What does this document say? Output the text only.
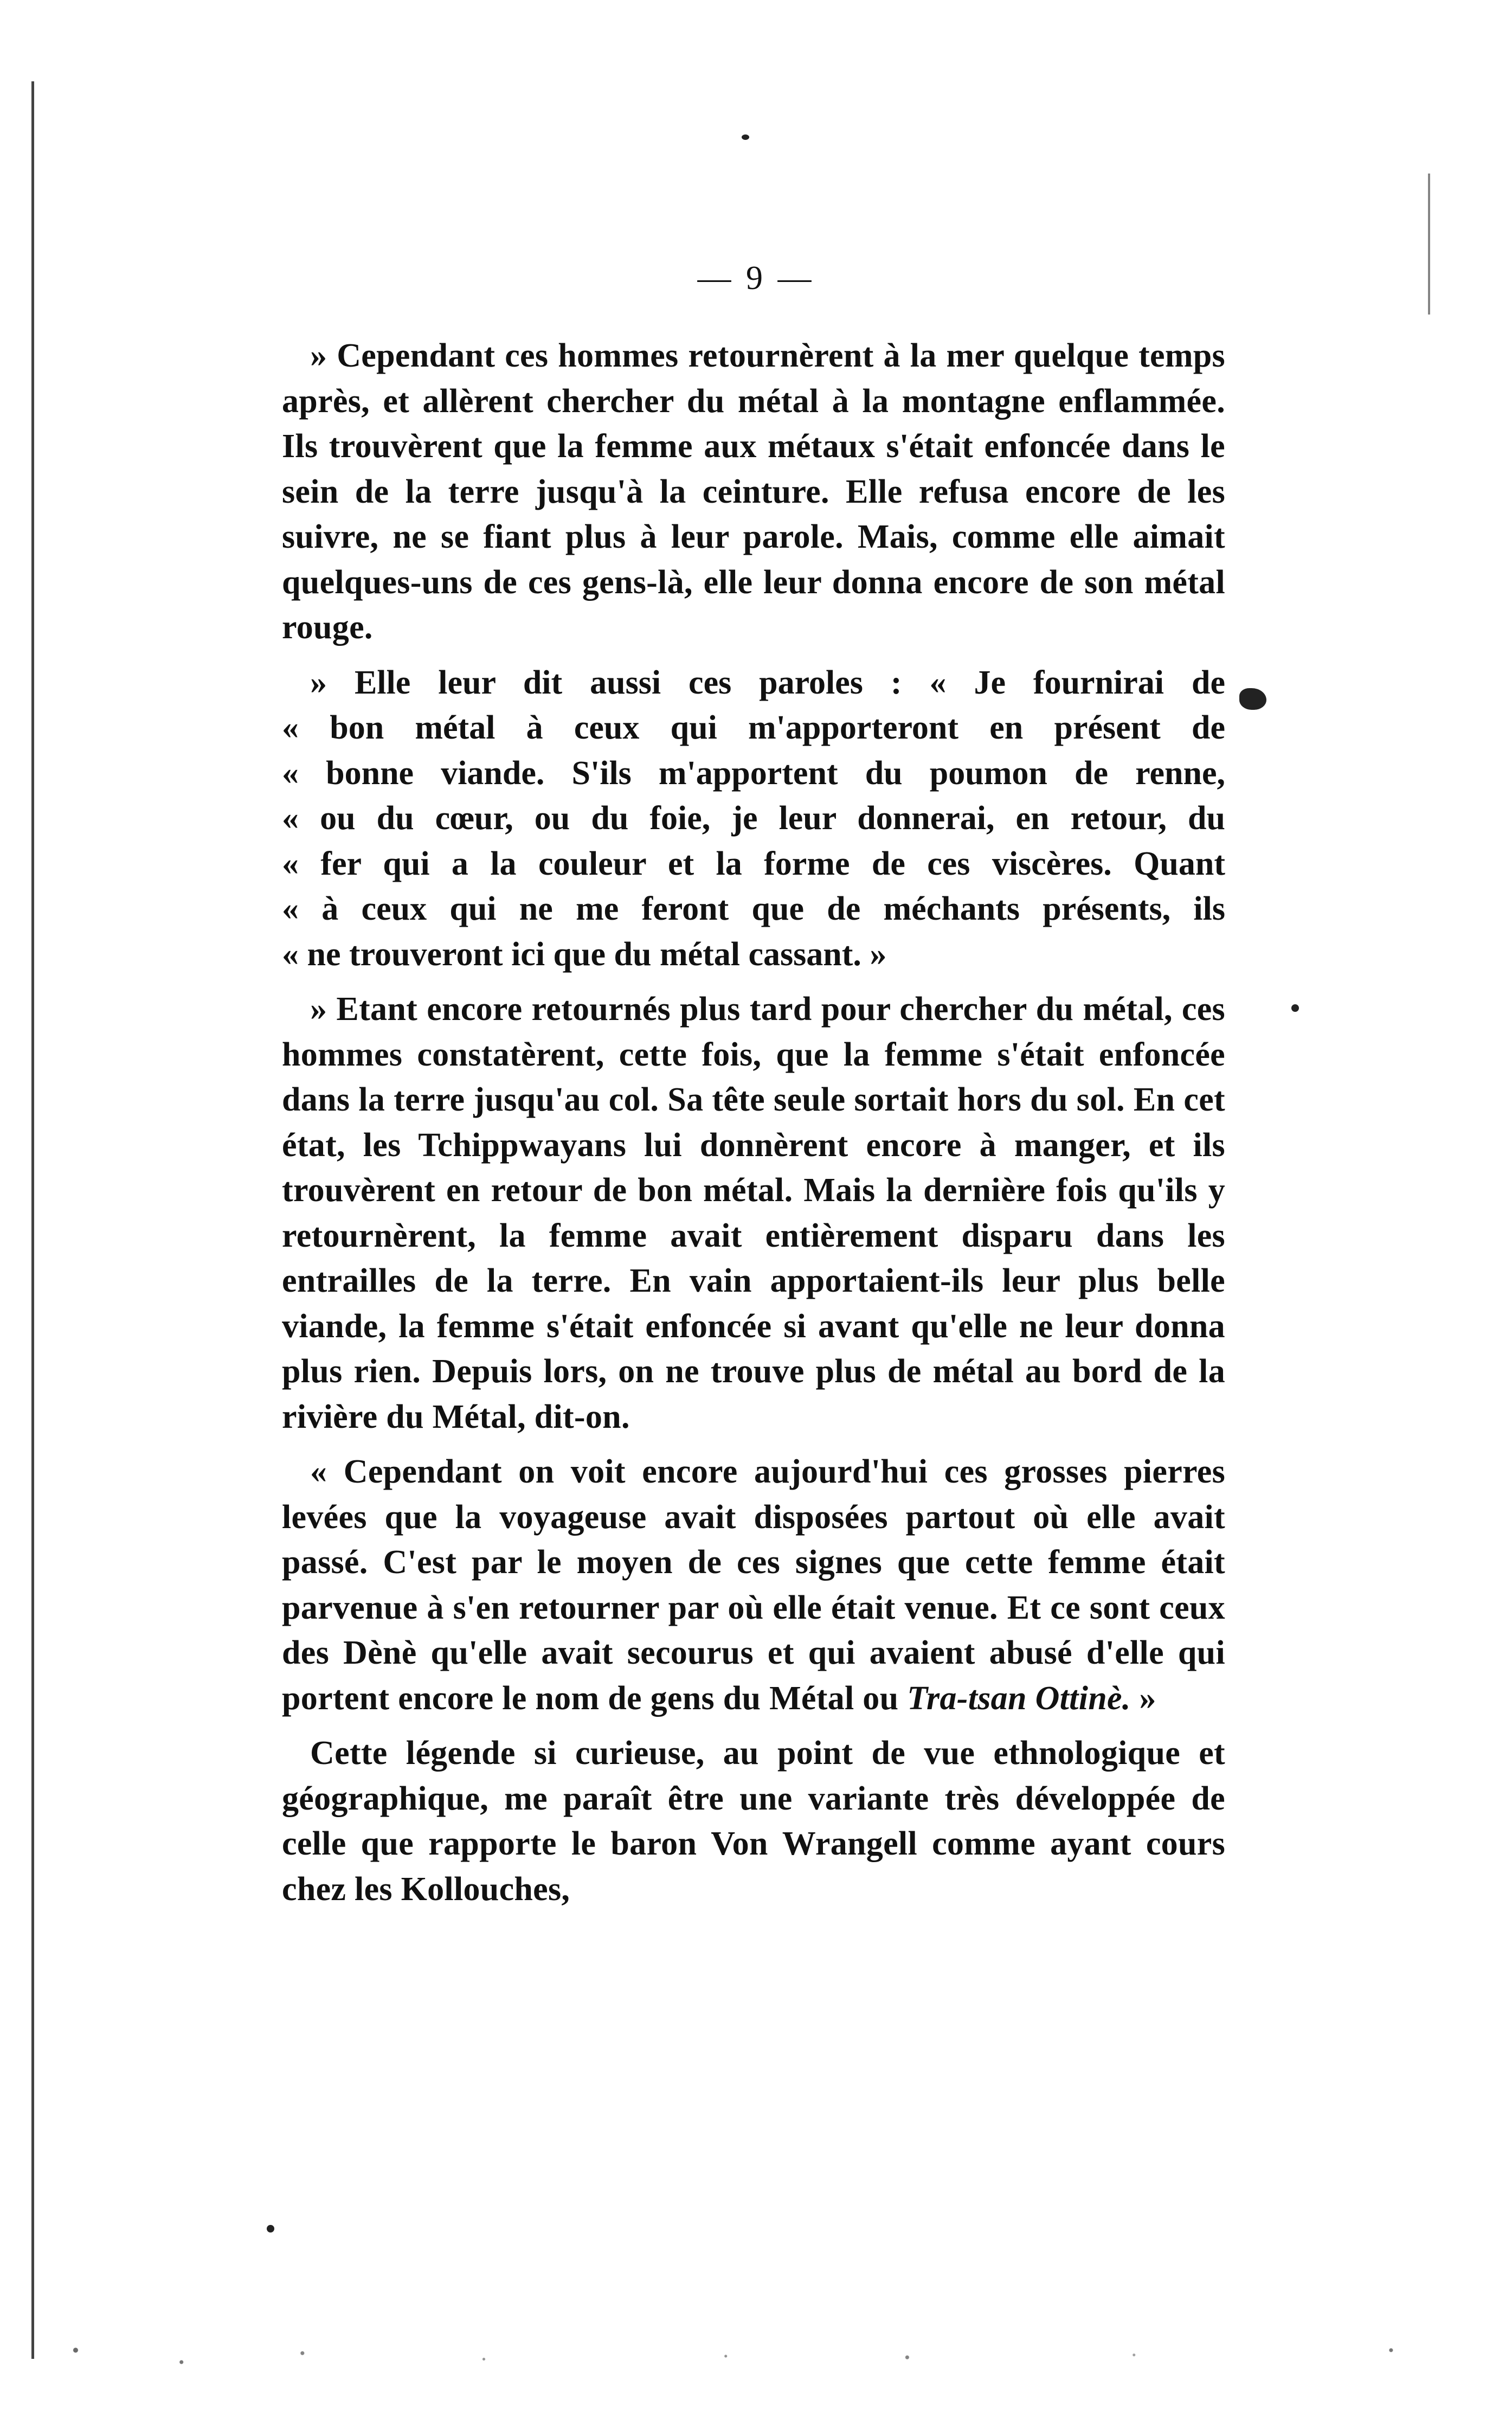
— 9 —

» Cependant ces hommes retournèrent à la mer quelque temps après, et allèrent chercher du métal à la montagne enflammée. Ils trouvèrent que la femme aux métaux s'était enfoncée dans le sein de la terre jusqu'à la ceinture. Elle refusa encore de les suivre, ne se fiant plus à leur parole. Mais, comme elle aimait quelques-uns de ces gens-là, elle leur donna encore de son métal rouge.

» Elle leur dit aussi ces paroles : « Je fournirai de
« bon métal à ceux qui m'apporteront en présent de
« bonne viande. S'ils m'apportent du poumon de renne,
« ou du cœur, ou du foie, je leur donnerai, en retour, du
« fer qui a la couleur et la forme de ces viscères. Quant
« à ceux qui ne me feront que de méchants présents, ils
« ne trouveront ici que du métal cassant. »

» Etant encore retournés plus tard pour chercher du métal, ces hommes constatèrent, cette fois, que la femme s'était enfoncée dans la terre jusqu'au col. Sa tête seule sortait hors du sol. En cet état, les Tchippwayans lui donnèrent encore à manger, et ils trouvèrent en retour de bon métal. Mais la dernière fois qu'ils y retournèrent, la femme avait entièrement disparu dans les entrailles de la terre. En vain apportaient-ils leur plus belle viande, la femme s'était enfoncée si avant qu'elle ne leur donna plus rien. Depuis lors, on ne trouve plus de métal au bord de la rivière du Métal, dit-on.

« Cependant on voit encore aujourd'hui ces grosses pierres levées que la voyageuse avait disposées partout où elle avait passé. C'est par le moyen de ces signes que cette femme était parvenue à s'en retourner par où elle était venue. Et ce sont ceux des Dènè qu'elle avait secourus et qui avaient abusé d'elle qui portent encore le nom de gens du Métal ou Tra-tsan Ottinè. »

Cette légende si curieuse, au point de vue ethnologique et géographique, me paraît être une variante très développée de celle que rapporte le baron Von Wrangell comme ayant cours chez les Kollouches,
